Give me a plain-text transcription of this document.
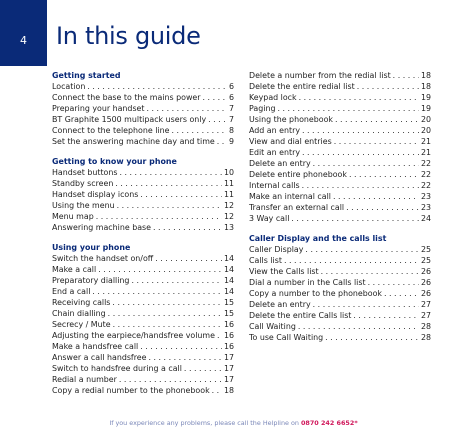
4	In this guide
Getting started
Location . . .	6
Connect the base to the mains power . . .	6
Preparing your handset . . .	7
BT Graphite 1500 multipack users only . . .	7
Connect to the telephone line . . .	8
Set the answering machine day and time . . . 9
Getting to know your phone
Handset buttons . . .	10
Standby screen . . .	11
Handset display icons . . .	11
Using the menu . . .	12
Menu map . . .	12
Answering machine base . . .	13
Using your phone
Switch the handset on/off . . .	14
Make a call . . .	14
Preparatory dialling . . .	14
End a call . . .	14
Receiving calls . . .	15
Chain dialling . . .	15
Secrecy / Mute . . .	16
Adjusting the earpiece/handsfree volume . . . 16
Make a handsfree call . . .	16
Answer a call handsfree . . .	17
Switch to handsfree during a call . . .	17
Redial a number . . .	17
Copy a redial number to the phonebook . . . 18
Delete a number from the redial list . . .	18
Delete the entire redial list . . .	18
Keypad lock . . .	19
Paging . . .	19
Using the phonebook . . .	20
Add an entry . . .	20
View and dial entries . . .	21
Edit an entry . . .	21
Delete an entry . . .	22
Delete entire phonebook . . .	22
Internal calls . . .	22
Make an internal call . . .	23
Transfer an external call . . .	23
3 Way call . . .	24
Caller Display and the calls list
Caller Display . . .	25
Calls list . . .	25
View the Calls list . . .	26
Dial a number in the Calls list . . .	26
Copy a number to the phonebook . . .	26
Delete an entry . . .	27
Delete the entire Calls list . . .	27
Call Waiting . . .	28
To use Call Waiting . . .	28
If you experience any problems, please call the Helpline on 0870 242 6652*
